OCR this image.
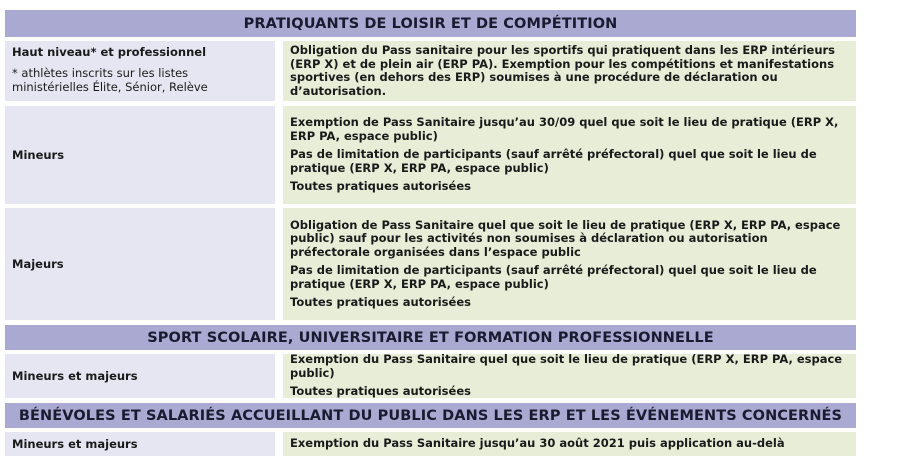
PRATIQUANTS DE LOISIR ET DE COMPÉTITION
Haut niveau* et professionnel
* athlètes inscrits sur les listes ministérielles Élite, Sénior, Relève

Obligation du Pass sanitaire pour les sportifs qui pratiquent dans les ERP intérieurs (ERP X) et de plein air (ERP PA). Exemption pour les compétitions et manifestations sportives (en dehors des ERP) soumises à une procédure de déclaration ou d’autorisation.

Mineurs

Exemption de Pass Sanitaire jusqu’au 30/09 quel que soit le lieu de pratique (ERP X, ERP PA, espace public)

Pas de limitation de participants (sauf arrêté préfectoral) quel que soit le lieu de pratique (ERP X, ERP PA, espace public)

Toutes pratiques autorisées

Majeurs

Obligation de Pass Sanitaire quel que soit le lieu de pratique (ERP X, ERP PA, espace public) sauf pour les activités non soumises à déclaration ou autorisation préfectorale organisées dans l’espace public

Pas de limitation de participants (sauf arrêté préfectoral) quel que soit le lieu de pratique (ERP X, ERP PA, espace public)

Toutes pratiques autorisées

SPORT SCOLAIRE, UNIVERSITAIRE ET FORMATION PROFESSIONNELLE
Mineurs et majeurs

Exemption du Pass Sanitaire quel que soit le lieu de pratique (ERP X, ERP PA, espace public)

Toutes pratiques autorisées

BÉNÉVOLES ET SALARIÉS ACCUEILLANT DU PUBLIC DANS LES ERP ET LES ÉVÉNEMENTS CONCERNÉS
Mineurs et majeurs	Exemption du Pass Sanitaire jusqu’au 30 août 2021 puis application au-delà
